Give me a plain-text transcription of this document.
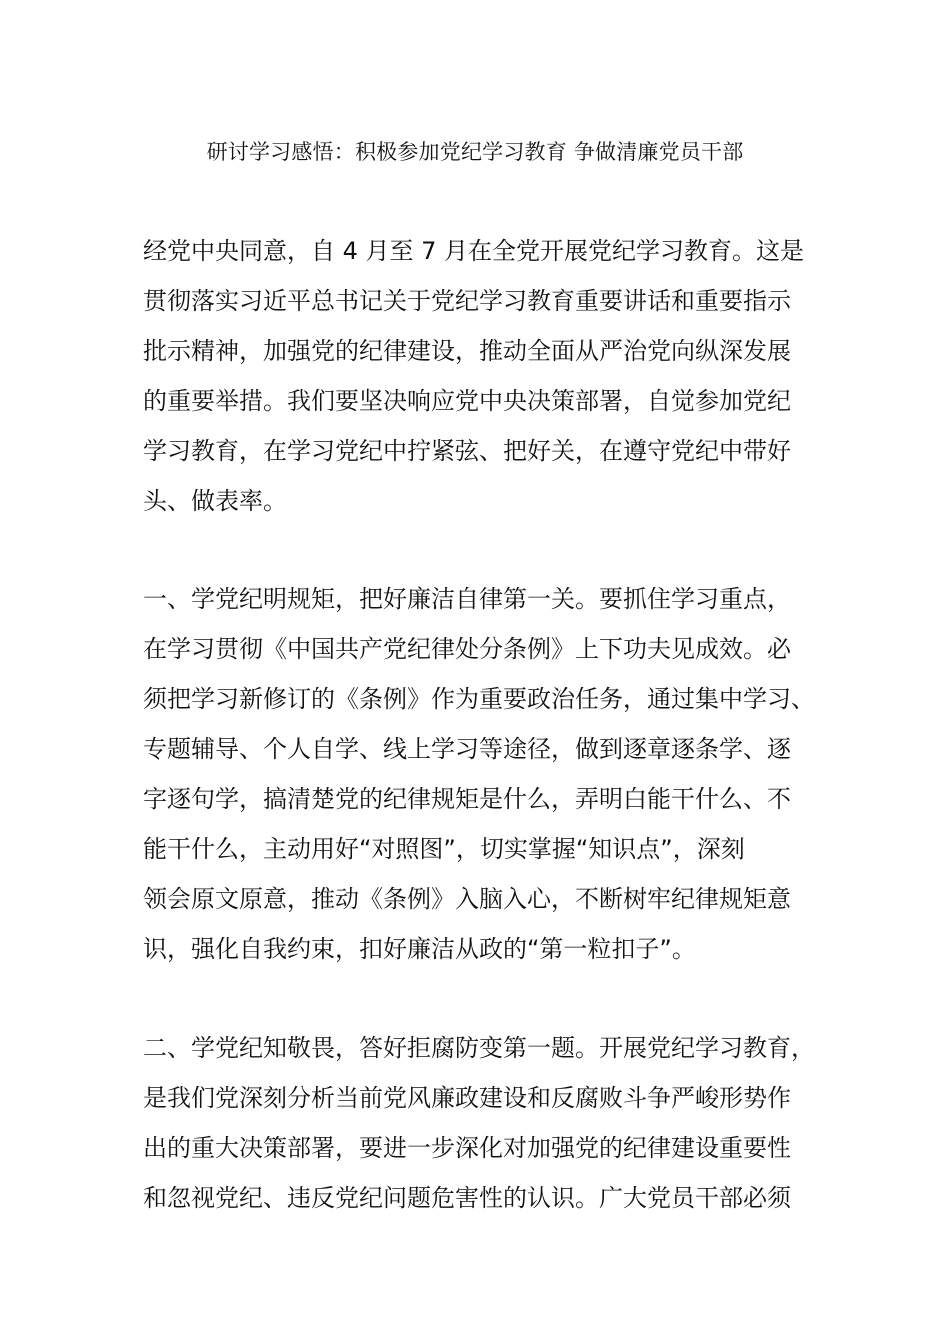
研讨学习感悟：积极参加党纪学习教育 争做清廉党员干部
经党中央同意，自 4 月至 7 月在全党开展党纪学习教育。这是
贯彻落实习近平总书记关于党纪学习教育重要讲话和重要指示
批示精神，加强党的纪律建设，推动全面从严治党向纵深发展
的重要举措。我们要坚决响应党中央决策部署，自觉参加党纪
学习教育，在学习党纪中拧紧弦、把好关，在遵守党纪中带好
头、做表率。
一、学党纪明规矩，把好廉洁自律第一关。要抓住学习重点，
在学习贯彻《中国共产党纪律处分条例》上下功夫见成效。必
须把学习新修订的《条例》作为重要政治任务，通过集中学习、
专题辅导、个人自学、线上学习等途径，做到逐章逐条学、逐
字逐句学，搞清楚党的纪律规矩是什么，弄明白能干什么、不
能干什么，主动用好“对照图”，切实掌握“知识点”，深刻
领会原文原意，推动《条例》入脑入心，不断树牢纪律规矩意
识，强化自我约束，扣好廉洁从政的“第一粒扣子”。
二、学党纪知敬畏，答好拒腐防变第一题。开展党纪学习教育，
是我们党深刻分析当前党风廉政建设和反腐败斗争严峻形势作
出的重大决策部署，要进一步深化对加强党的纪律建设重要性
和忽视党纪、违反党纪问题危害性的认识。广大党员干部必须
